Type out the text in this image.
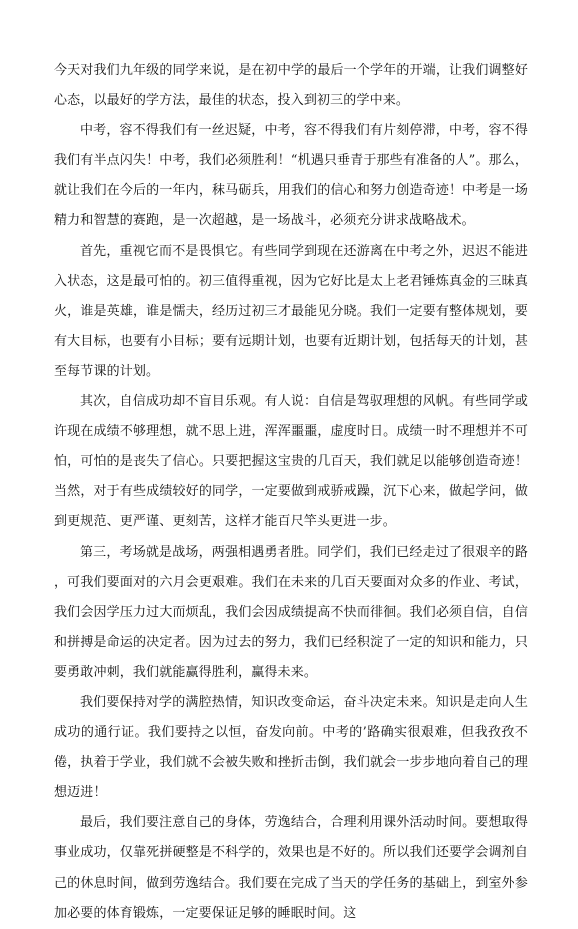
今天对我们九年级的同学来说，是在初中学的最后一个学年的开端，让我们调整好心态，以最好的学方法，最佳的状态，投入到初三的学中来。

中考，容不得我们有一丝迟疑，中考，容不得我们有片刻停滞，中考，容不得我们有半点闪失！中考，我们必须胜利！“机遇只垂青于那些有准备的人”。那么，就让我们在今后的一年内，秣马砺兵，用我们的信心和努力创造奇迹！中考是一场精力和智慧的赛跑，是一次超越，是一场战斗，必须充分讲求战略战术。

首先，重视它而不是畏惧它。有些同学到现在还游离在中考之外，迟迟不能进入状态，这是最可怕的。初三值得重视，因为它好比是太上老君锤炼真金的三昧真火，谁是英雄，谁是懦夫，经历过初三才最能见分晓。我们一定要有整体规划，要有大目标，也要有小目标；要有远期计划，也要有近期计划，包括每天的计划，甚至每节课的计划。

其次，自信成功却不盲目乐观。有人说：自信是驾驭理想的风帆。有些同学或许现在成绩不够理想，就不思上进，浑浑噩噩，虚度时日。成绩一时不理想并不可怕，可怕的是丧失了信心。只要把握这宝贵的几百天，我们就足以能够创造奇迹！当然，对于有些成绩较好的同学，一定要做到戒骄戒躁，沉下心来，做起学问，做到更规范、更严谨、更刻苦，这样才能百尺竿头更进一步。

第三，考场就是战场，两强相遇勇者胜。同学们，我们已经走过了很艰辛的路，可我们要面对的六月会更艰难。我们在未来的几百天要面对众多的作业、考试，我们会因学压力过大而烦乱，我们会因成绩提高不快而徘徊。我们必须自信，自信和拼搏是命运的决定者。因为过去的努力，我们已经积淀了一定的知识和能力，只要勇敢冲刺，我们就能赢得胜利，赢得未来。

我们要保持对学的满腔热情，知识改变命运，奋斗决定未来。知识是走向人生成功的通行证。我们要持之以恒，奋发向前。中考的’路确实很艰难，但我孜孜不倦，执着于学业，我们就不会被失败和挫折击倒，我们就会一步步地向着自己的理想迈进！

最后，我们要注意自己的身体，劳逸结合，合理利用课外活动时间。要想取得事业成功，仅靠死拼硬整是不科学的，效果也是不好的。所以我们还要学会调剂自己的休息时间，做到劳逸结合。我们要在完成了当天的学任务的基础上，到室外参加必要的体育锻炼，一定要保证足够的睡眠时间。这
